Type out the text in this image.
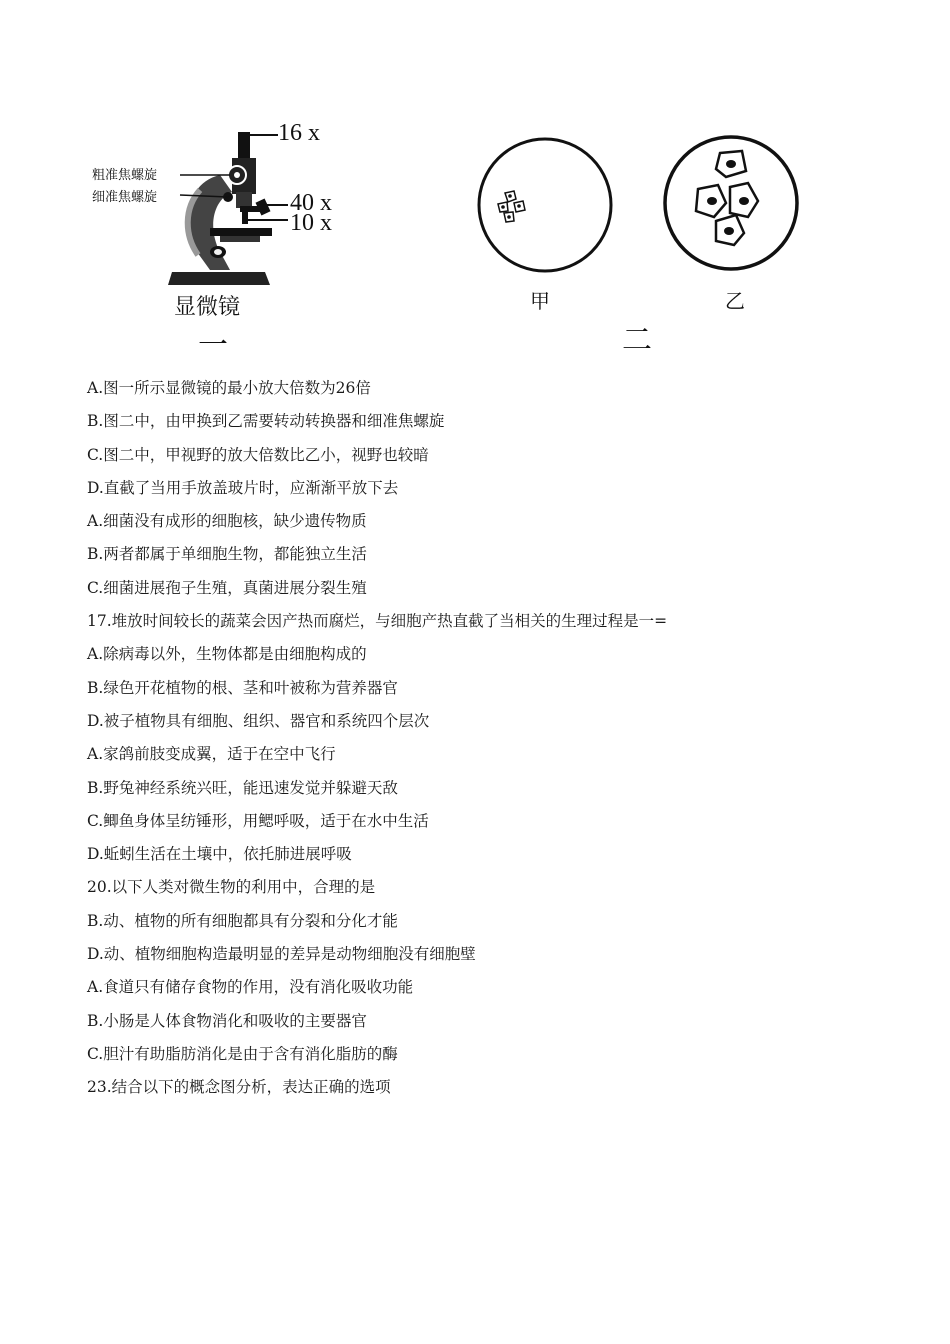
粗准焦螺旋
细准焦螺旋
16 x
40 x
10 x
显微镜
一
甲	乙
二
A.图一所示显微镜的最小放大倍数为26倍
B.图二中，由甲换到乙需要转动转换器和细准焦螺旋
C.图二中，甲视野的放大倍数比乙小，视野也较暗
D.直截了当用手放盖玻片时，应渐渐平放下去
A.细菌没有成形的细胞核，缺少遗传物质
B.两者都属于单细胞生物，都能独立生活
C.细菌进展孢子生殖，真菌进展分裂生殖
17.堆放时间较长的蔬菜会因产热而腐烂，与细胞产热直截了当相关的生理过程是一=
A.除病毒以外，生物体都是由细胞构成的
B.绿色开花植物的根、茎和叶被称为营养器官
D.被子植物具有细胞、组织、器官和系统四个层次
A.家鸽前肢变成翼，适于在空中飞行
B.野兔神经系统兴旺，能迅速发觉并躲避天敌
C.鲫鱼身体呈纺锤形，用鳃呼吸，适于在水中生活
D.蚯蚓生活在土壤中，依托肺进展呼吸
20.以下人类对微生物的利用中，合理的是
B.动、植物的所有细胞都具有分裂和分化才能
D.动、植物细胞构造最明显的差异是动物细胞没有细胞壁
A.食道只有储存食物的作用，没有消化吸收功能
B.小肠是人体食物消化和吸收的主要器官
C.胆汁有助脂肪消化是由于含有消化脂肪的酶
23.结合以下的概念图分析，表达正确的选项
